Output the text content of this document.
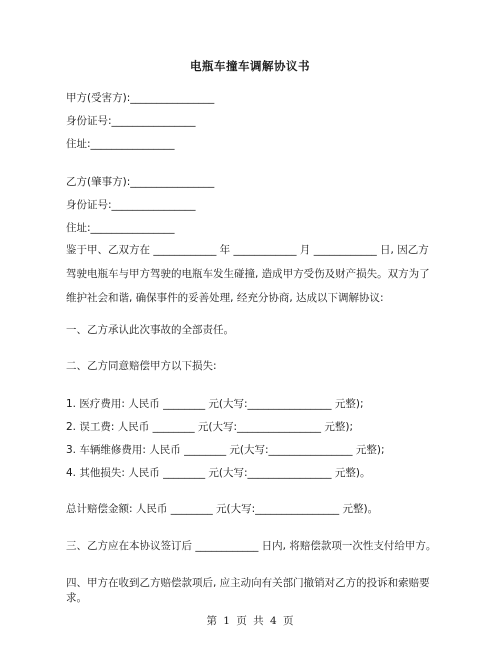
电瓶车撞车调解协议书
甲方(受害方):________________
身份证号:________________
住址:________________
乙方(肇事方):________________
身份证号:________________
住址:________________
鉴于甲、乙双方在 ____________ 年 ____________ 月 ____________ 日, 因乙方驾驶电瓶车与甲方驾驶的电瓶车发生碰撞, 造成甲方受伤及财产损失。双方为了维护社会和谐, 确保事件的妥善处理, 经充分协商, 达成以下调解协议:
一、乙方承认此次事故的全部责任。
二、乙方同意赔偿甲方以下损失:
1. 医疗费用: 人民币 ________ 元(大写:________________ 元整);
2. 误工费: 人民币 ________ 元(大写:________________ 元整);
3. 车辆维修费用: 人民币 ________ 元(大写:________________ 元整);
4. 其他损失: 人民币 ________ 元(大写:________________ 元整)。
总计赔偿金额: 人民币 ________ 元(大写:________________ 元整)。
三、乙方应在本协议签订后 ____________ 日内, 将赔偿款项一次性支付给甲方。
四、甲方在收到乙方赔偿款项后, 应主动向有关部门撤销对乙方的投诉和索赔要求。
第 1 页 共 4 页
